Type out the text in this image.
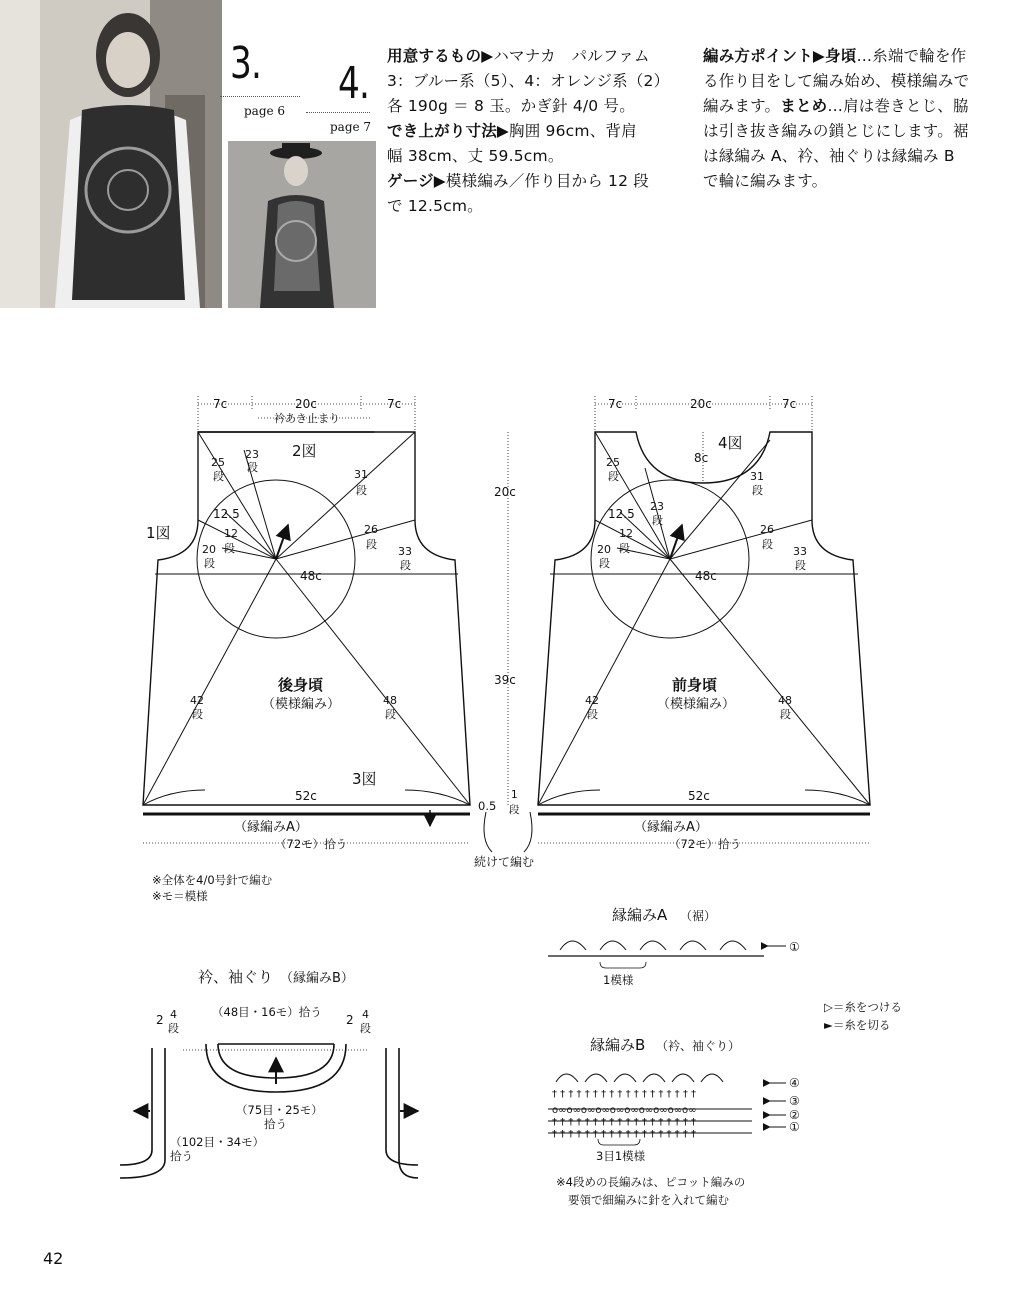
3.
page 6
4.
page 7

用意するもの▶ハマナカ　パルファム

3：ブルー系（5）、4：オレンジ系（2）

各 190g ＝ 8 玉。かぎ針 4/0 号。

でき上がり寸法▶胸囲 96cm、背肩

幅 38cm、丈 59.5cm。

ゲージ▶模様編み／作り目から 12 段

で 12.5cm。

編み方ポイント▶身頃…糸端で輪を作

る作り目をして編み始め、模様編みで

編みます。まとめ…肩は巻きとじ、脇

は引き抜き編みの鎖とじにします。裾

は縁編み A、衿、袖ぐりは縁編み B

で輪に編みます。

† † † † † † † † † † † † † † † † † †
† † † † † † † † † † † † † † † † † †
o∞o∞o∞o∞o∞o∞o∞o∞o∞o∞
† † † † † † † † † † † † † † † † † †
7c	20c	7c
衿あき止まり
2図
1図
3図
12.5
48c
52c
後身頃
（模様編み）
（縁編みA）
（72モ）拾う
25
段
23
段
31
段
12
段
26
段
20
段
33
段
42
段
48
段
7c	20c	7c
4図
8c
12.5
48c
52c
前身頃
（模様編み）
（縁編みA）
（72モ）拾う
25
段
23
段
31
段
12
段
26
段
20
段
33
段
42
段
48
段
20c
39c
0.5
1
段
続けて編む
衿、袖ぐり （縁編みB）
（48目・16モ）拾う
（75目・25モ）
拾う
（102目・34モ）
拾う
2 4
段
2 4
段
縁編みA （裾）
1模様
①
▷＝糸をつける
►＝糸を切る
縁編みB （衿、袖ぐり）
④
③
②
①
3目1模様
※4段めの長編みは、ピコット編みの
要領で細編みに針を入れて編む
※全体を4/0号針で編む
※モ＝模様
42
